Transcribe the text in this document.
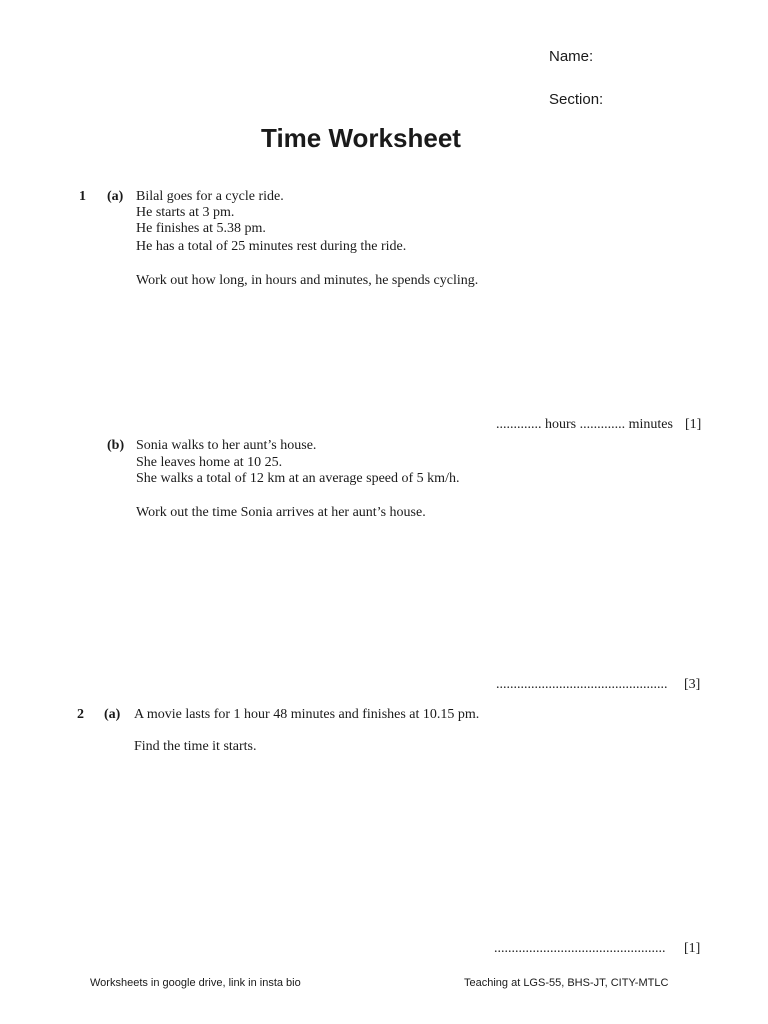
Name:
Section:
Time Worksheet
1 (a) Bilal goes for a cycle ride.
He starts at 3 pm.
He finishes at 5.38 pm.
He has a total of 25 minutes rest during the ride.
Work out how long, in hours and minutes, he spends cycling.
............. hours ............. minutes [1]
(b) Sonia walks to her aunt’s house.
She leaves home at 10 25.
She walks a total of 12 km at an average speed of 5 km/h.
Work out the time Sonia arrives at her aunt’s house.
................................................. [3]
2 (a) A movie lasts for 1 hour 48 minutes and finishes at 10.15 pm.
Find the time it starts.
................................................. [1]
Worksheets in google drive, link in insta bio	Teaching at LGS-55, BHS-JT, CITY-MTLC
